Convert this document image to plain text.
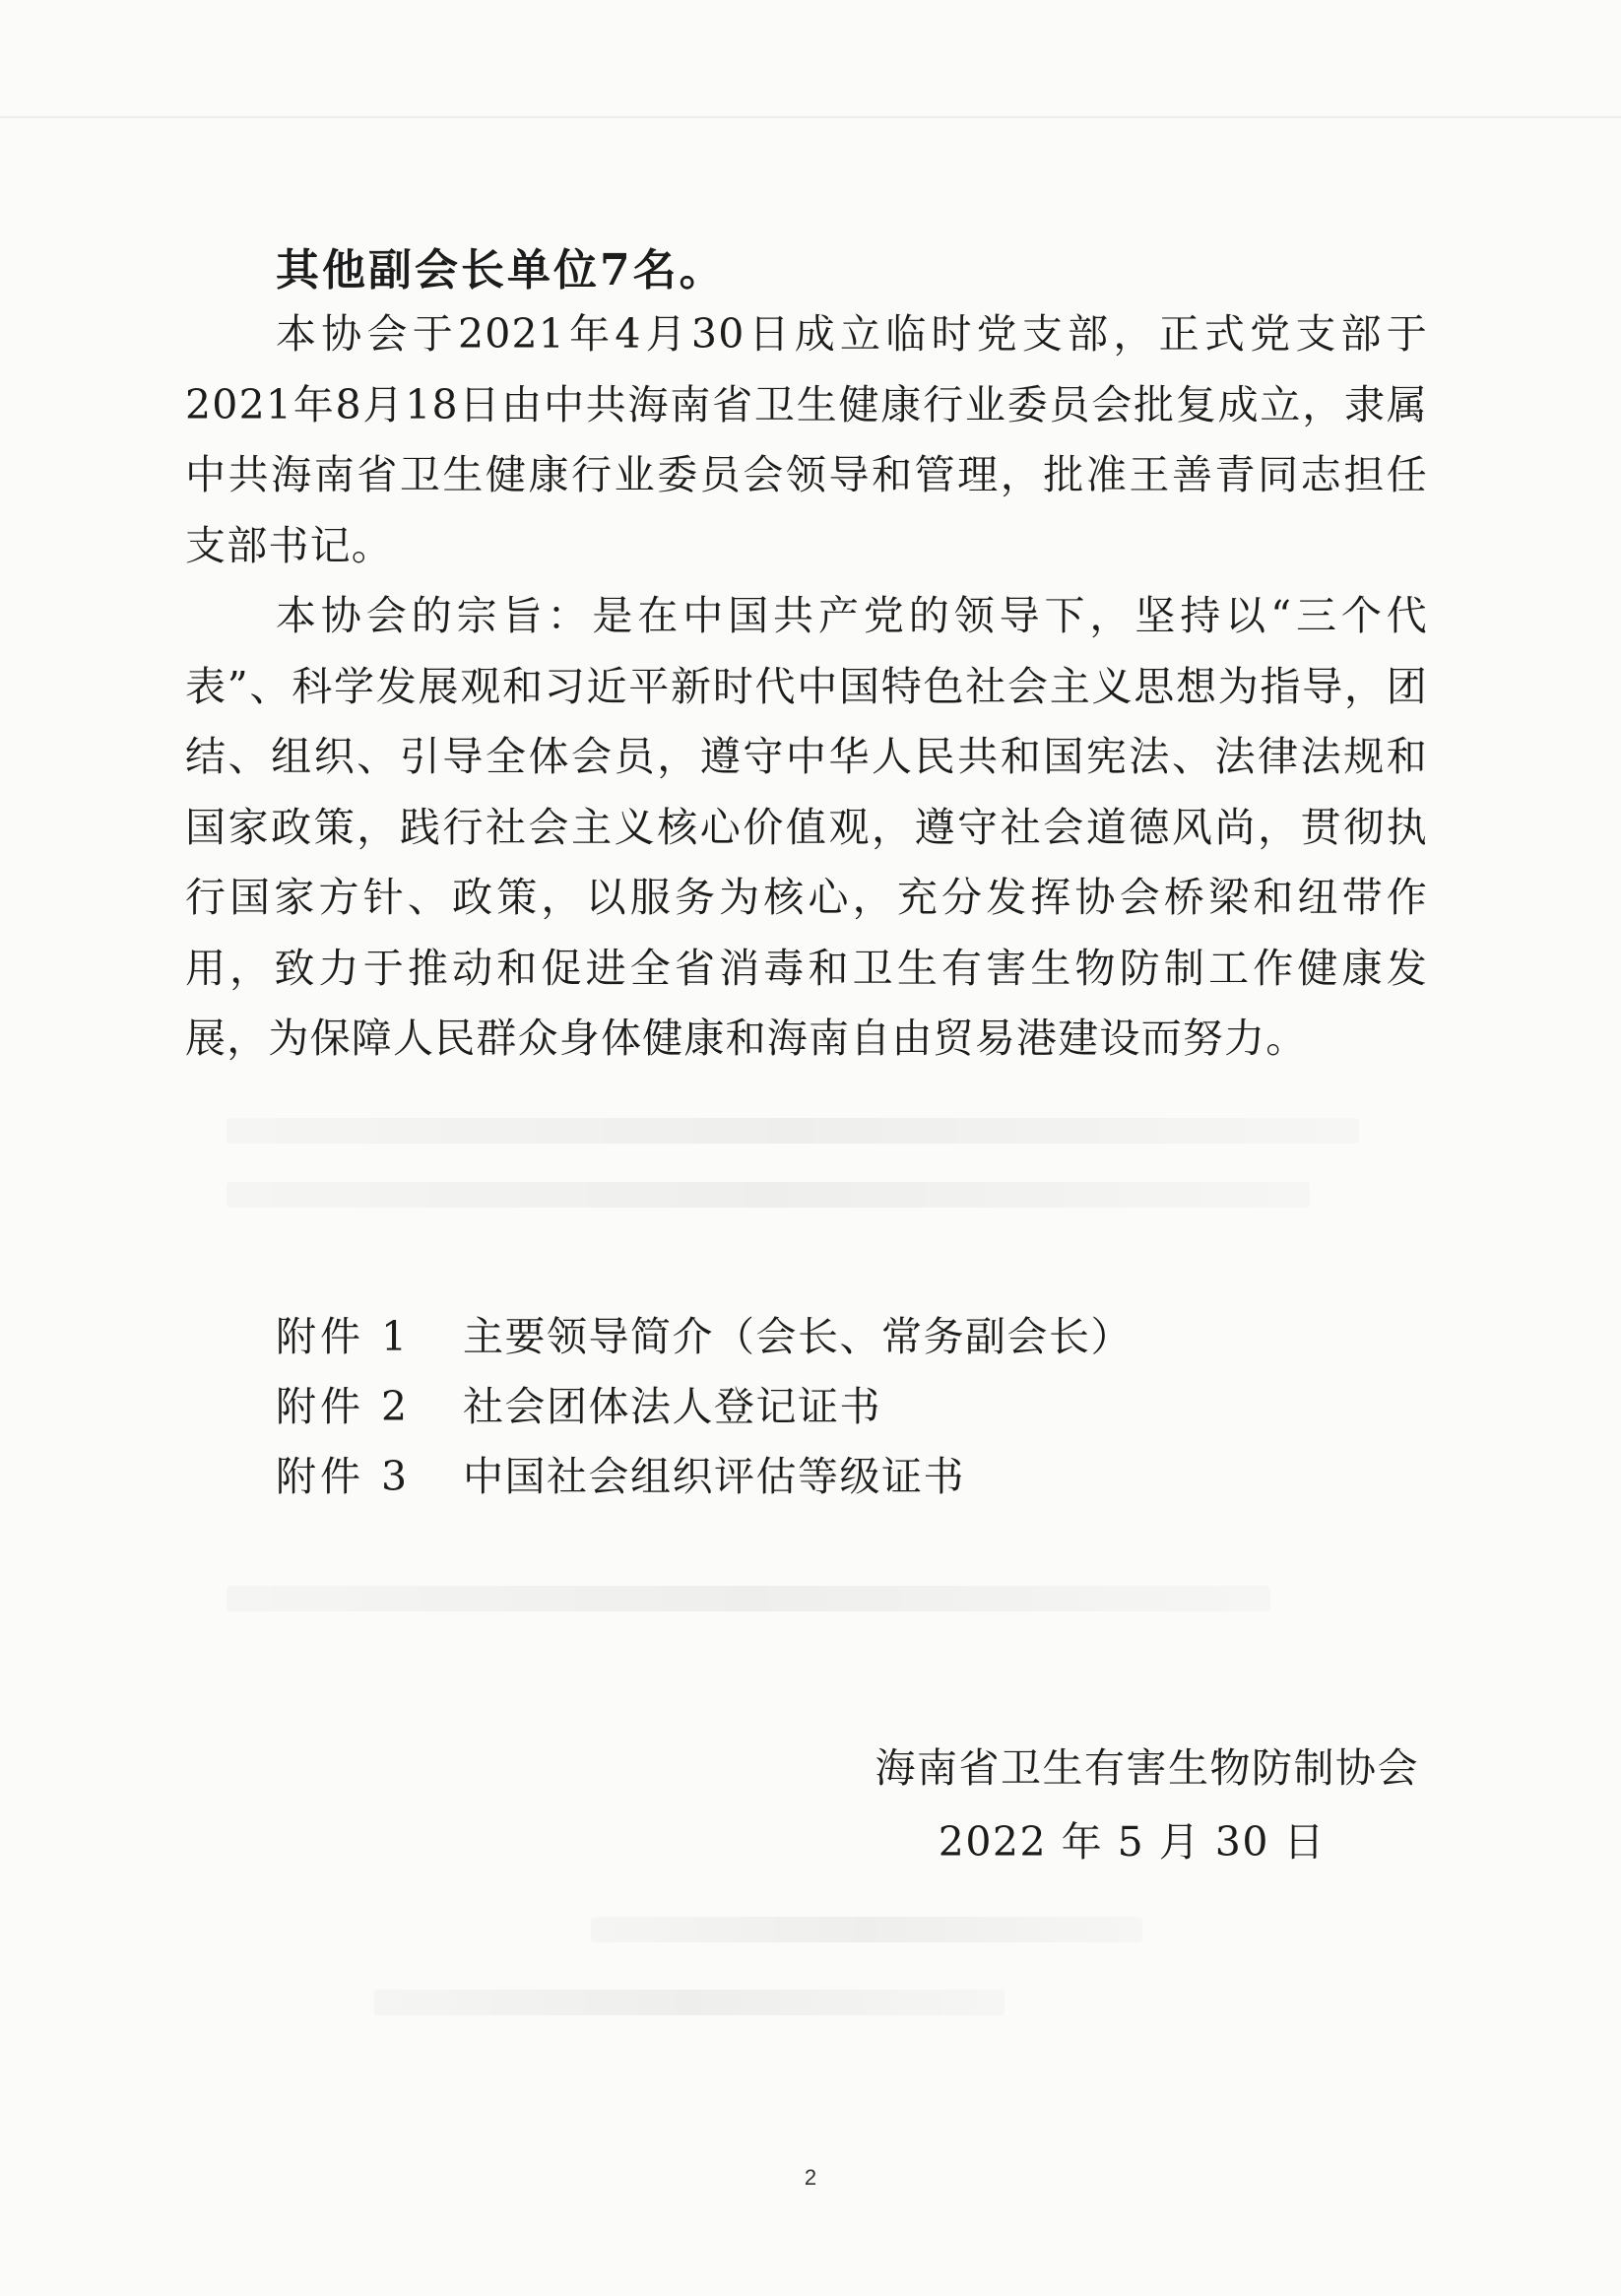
其他副会长单位7名。

本协会于2021年4月30日成立临时党支部，正式党支部于2021年8月18日由中共海南省卫生健康行业委员会批复成立，隶属中共海南省卫生健康行业委员会领导和管理，批准王善青同志担任支部书记。

本协会的宗旨：是在中国共产党的领导下，坚持以“三个代表”、科学发展观和习近平新时代中国特色社会主义思想为指导，团结、组织、引导全体会员，遵守中华人民共和国宪法、法律法规和国家政策，践行社会主义核心价值观，遵守社会道德风尚，贯彻执行国家方针、政策，以服务为核心，充分发挥协会桥梁和纽带作用，致力于推动和促进全省消毒和卫生有害生物防制工作健康发展，为保障人民群众身体健康和海南自由贸易港建设而努力。

附件 1	主要领导简介（会长、常务副会长）
附件 2	社会团体法人登记证书
附件 3	中国社会组织评估等级证书
海南省卫生有害生物防制协会
2022 年 5 月 30 日
2
